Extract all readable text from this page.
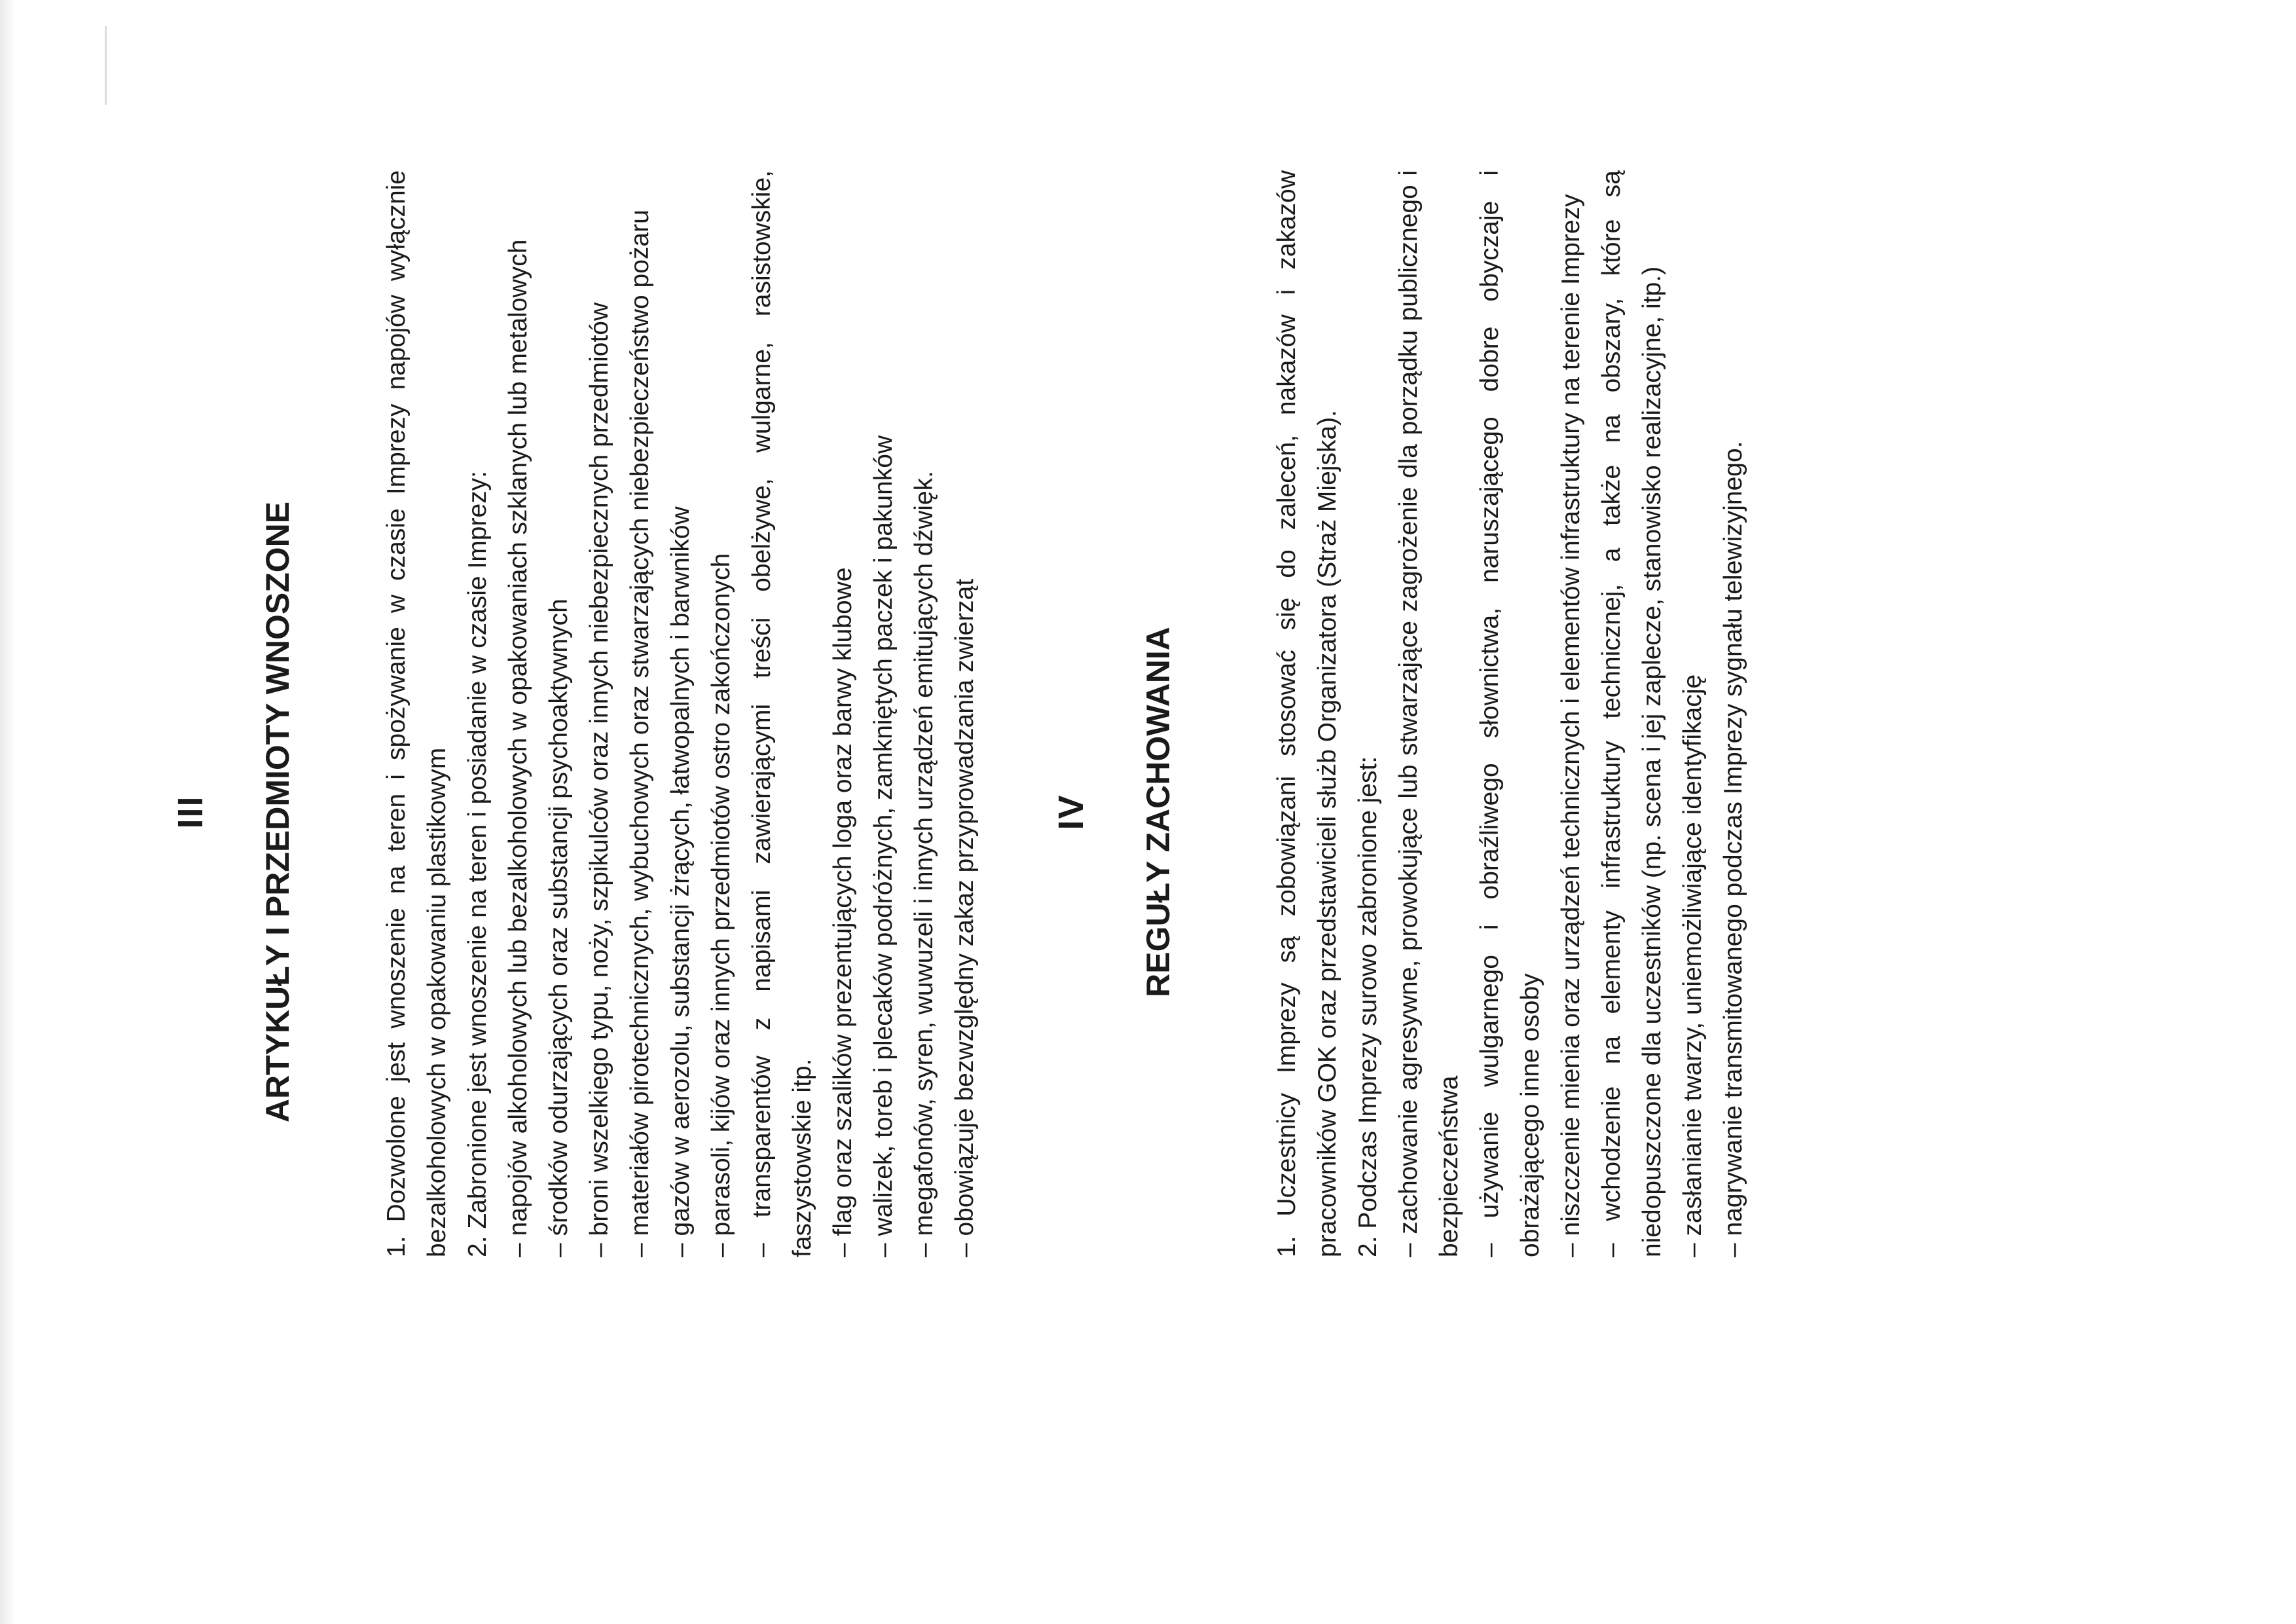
III ARTYKUŁY I PRZEDMIOTY WNOSZONE	1. Dozwolone jest wnoszenie na teren i spożywanie w czasie Imprezy napojów wyłącznie bezalkoholowych w opakowaniu plastikowym 2. Zabronione jest wnoszenie na teren i posiadanie w czasie Imprezy: – napojów alkoholowych lub bezalkoholowych w opakowaniach szklanych lub metalowych – środków odurzających oraz substancji psychoaktywnych – broni wszelkiego typu, noży, szpikulców oraz innych niebezpiecznych przedmiotów – materiałów pirotechnicznych, wybuchowych oraz stwarzających niebezpieczeństwo pożaru – gazów w aerozolu, substancji żrących, łatwopalnych i barwników – parasoli, kijów oraz innych przedmiotów ostro zakończonych – transparentów z napisami zawierającymi treści obelżywe, wulgarne, rasistowskie, faszystowskie itp. – flag oraz szalików prezentujących loga oraz barwy klubowe – walizek, toreb i plecaków podróżnych, zamkniętych paczek i pakunków – megafonów, syren, wuwuzeli i innych urządzeń emitujących dźwięk. – obowiązuje bezwzględny zakaz przyprowadzania zwierząt IV REGUŁY ZACHOWANIA	1. Uczestnicy Imprezy są zobowiązani stosować się do zaleceń, nakazów i zakazów pracowników GOK oraz przedstawicieli służb Organizatora (Straż Miejska). 2. Podczas Imprezy surowo zabronione jest: – zachowanie agresywne, prowokujące lub stwarzające zagrożenie dla porządku publicznego i bezpieczeństwa – używanie wulgarnego i obraźliwego słownictwa, naruszającego dobre obyczaje i obrażającego inne osoby – niszczenie mienia oraz urządzeń technicznych i elementów infrastruktury na terenie Imprezy – wchodzenie na elementy infrastruktury technicznej, a także na obszary, które są niedopuszczone dla uczestników (np. scena i jej zaplecze, stanowisko realizacyjne, itp.) – zasłanianie twarzy, uniemożliwiające identyfikację – nagrywanie transmitowanego podczas Imprezy sygnału telewizyjnego.
